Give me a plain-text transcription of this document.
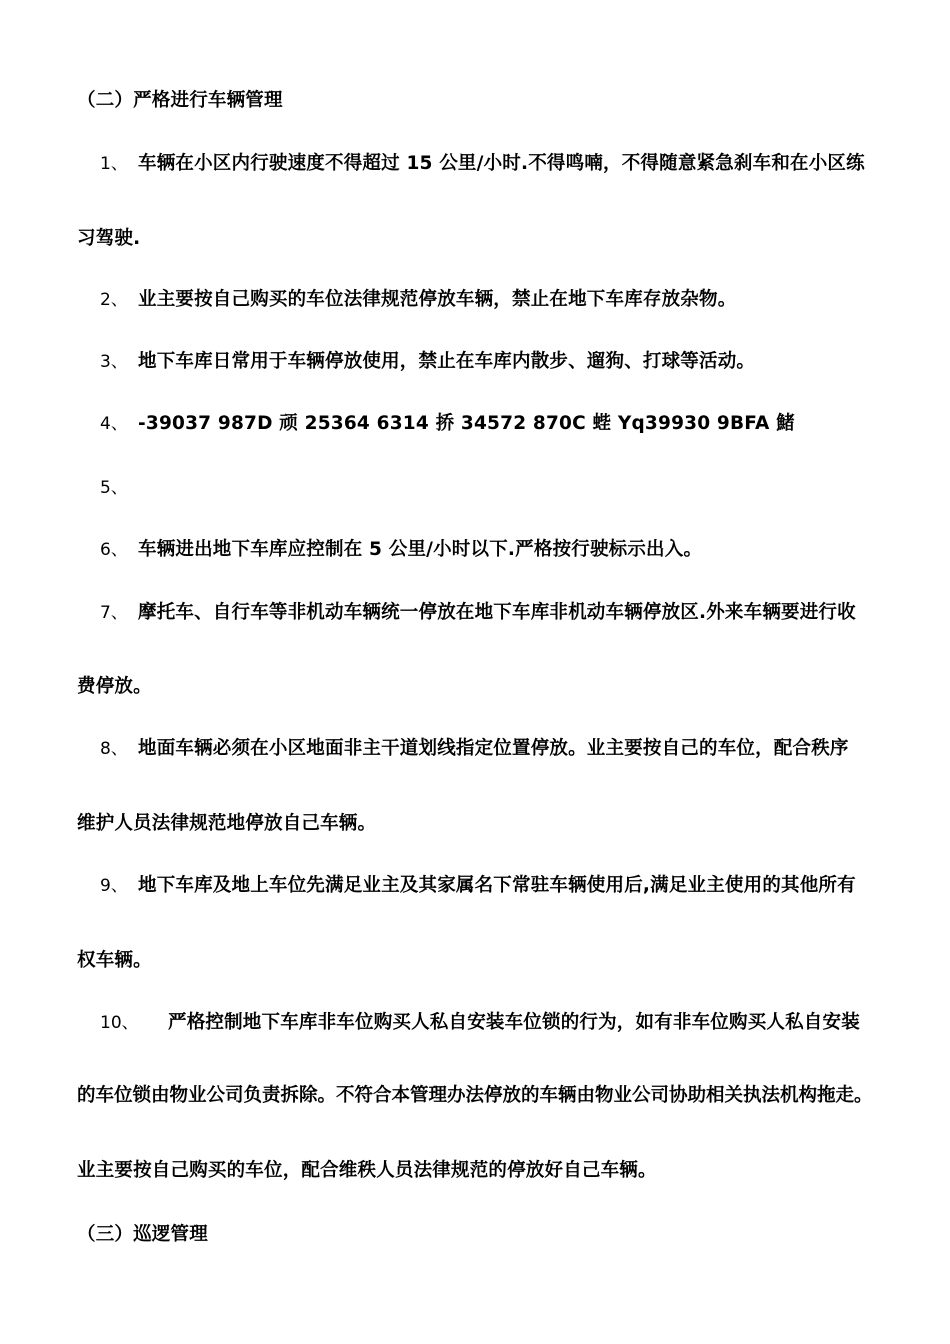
（二）严格进行车辆管理
1、 车辆在小区内行驶速度不得超过 15 公里/小时.不得鸣喃，不得随意紧急刹车和在小区练
习驾驶.
2、 业主要按自己购买的车位法律规范停放车辆，禁止在地下车库存放杂物。
3、 地下车库日常用于车辆停放使用，禁止在车库内散步、遛狗、打球等活动。
4、 -39037 987D 顽 25364 6314 挢 34572 870C 蜌 Yq39930 9BFA 鯺
5、
6、 车辆进出地下车库应控制在 5 公里/小时以下.严格按行驶标示出入。
7、 摩托车、自行车等非机动车辆统一停放在地下车库非机动车辆停放区.外来车辆要进行收
费停放。
8、 地面车辆必须在小区地面非主干道划线指定位置停放。业主要按自己的车位，配合秩序
维护人员法律规范地停放自己车辆。
9、 地下车库及地上车位先满足业主及其家属名下常驻车辆使用后,满足业主使用的其他所有
权车辆。
10、 严格控制地下车库非车位购买人私自安装车位锁的行为，如有非车位购买人私自安装
的车位锁由物业公司负责拆除。不符合本管理办法停放的车辆由物业公司协助相关执法机构拖走。
业主要按自己购买的车位，配合维秩人员法律规范的停放好自己车辆。
（三）巡逻管理
